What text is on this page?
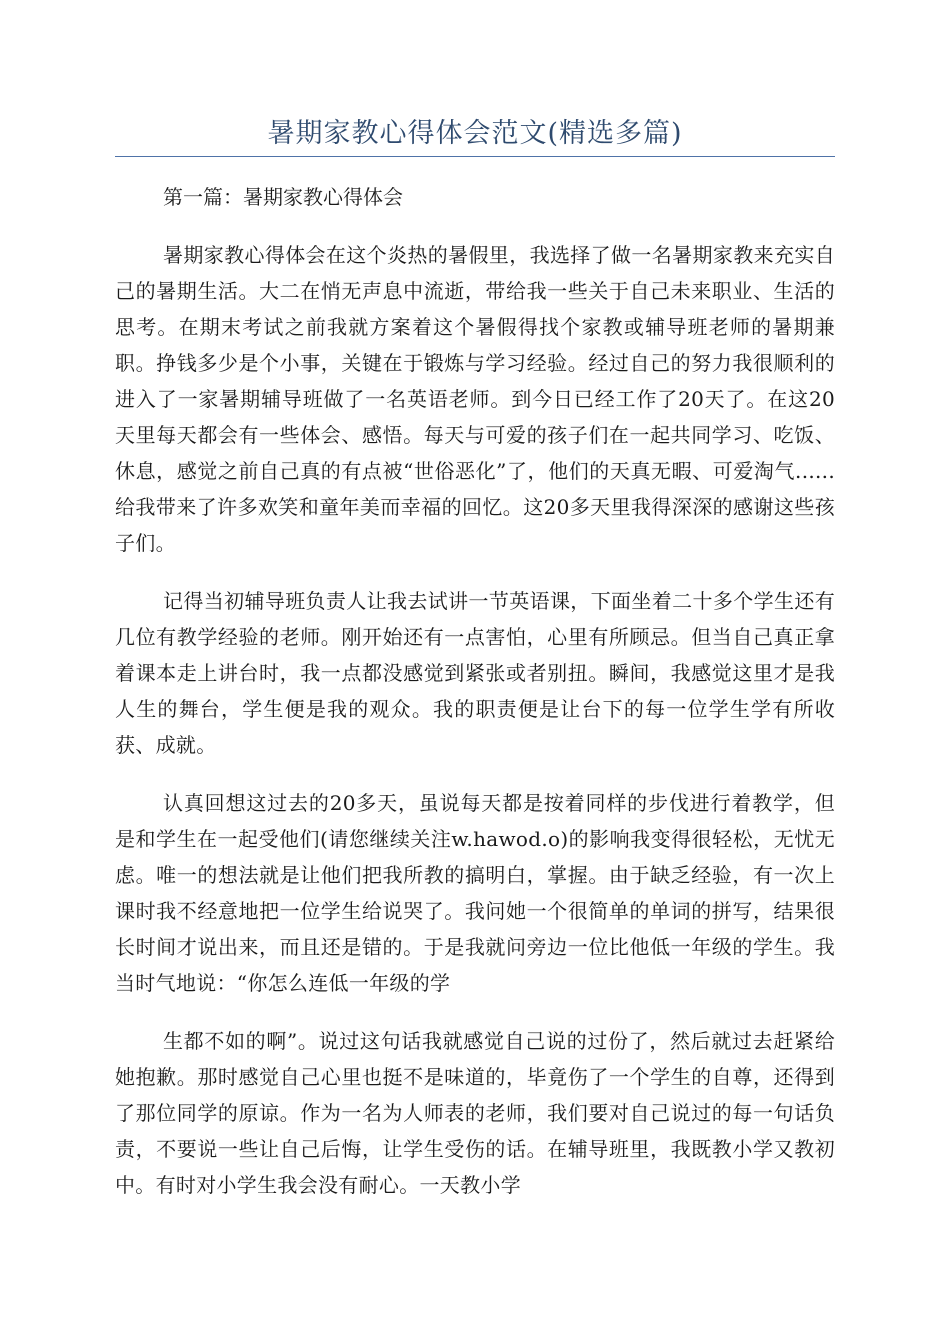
暑期家教心得体会范文(精选多篇)
第一篇：暑期家教心得体会

暑期家教心得体会在这个炎热的暑假里，我选择了做一名暑期家教来充实自己的暑期生活。大二在悄无声息中流逝，带给我一些关于自己未来职业、生活的思考。在期末考试之前我就方案着这个暑假得找个家教或辅导班老师的暑期兼职。挣钱多少是个小事，关键在于锻炼与学习经验。经过自己的努力我很顺利的进入了一家暑期辅导班做了一名英语老师。到今日已经工作了20天了。在这20天里每天都会有一些体会、感悟。每天与可爱的孩子们在一起共同学习、吃饭、休息，感觉之前自己真的有点被“世俗恶化”了，他们的天真无暇、可爱淘气......给我带来了许多欢笑和童年美而幸福的回忆。这20多天里我得深深的感谢这些孩子们。

记得当初辅导班负责人让我去试讲一节英语课，下面坐着二十多个学生还有几位有教学经验的老师。刚开始还有一点害怕，心里有所顾忌。但当自己真正拿着课本走上讲台时，我一点都没感觉到紧张或者别扭。瞬间，我感觉这里才是我人生的舞台，学生便是我的观众。我的职责便是让台下的每一位学生学有所收获、成就。

认真回想这过去的20多天，虽说每天都是按着同样的步伐进行着教学，但是和学生在一起受他们(请您继续关注w.hawod.o)的影响我变得很轻松，无忧无虑。唯一的想法就是让他们把我所教的搞明白，掌握。由于缺乏经验，有一次上课时我不经意地把一位学生给说哭了。我问她一个很简单的单词的拼写，结果很长时间才说出来，而且还是错的。于是我就问旁边一位比他低一年级的学生。我当时气地说：“你怎么连低一年级的学

生都不如的啊”。说过这句话我就感觉自己说的过份了，然后就过去赶紧给她抱歉。那时感觉自己心里也挺不是味道的，毕竟伤了一个学生的自尊，还得到了那位同学的原谅。作为一名为人师表的老师，我们要对自己说过的每一句话负责，不要说一些让自己后悔，让学生受伤的话。在辅导班里，我既教小学又教初中。有时对小学生我会没有耐心。一天教小学
